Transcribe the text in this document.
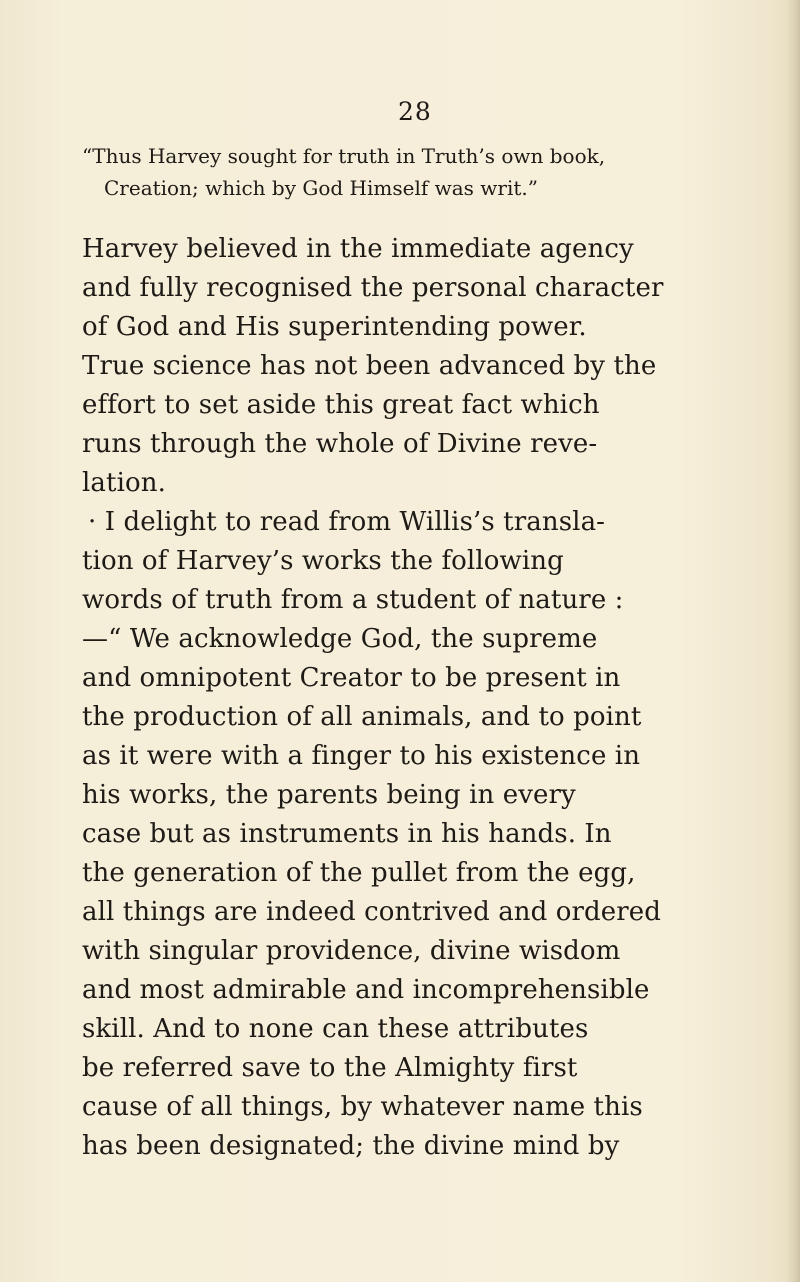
28
“Thus Harvey sought for truth in Truth’s own book,
Creation; which by God Himself was writ.”
Harvey believed in the immediate agency
and fully recognised the personal character
of God and His superintending power.
True science has not been advanced by the
effort to set aside this great fact which
runs through the whole of Divine reve-
lation.
· I delight to read from Willis’s transla-
tion of Harvey’s works the following
words of truth from a student of nature :
—“ We acknowledge God, the supreme
and omnipotent Creator to be present in
the production of all animals, and to point
as it were with a finger to his existence in
his works, the parents being in every
case but as instruments in his hands. In
the generation of the pullet from the egg,
all things are indeed contrived and ordered
with singular providence, divine wisdom
and most admirable and incomprehensible
skill. And to none can these attributes
be referred save to the Almighty first
cause of all things, by whatever name this
has been designated; the divine mind by
